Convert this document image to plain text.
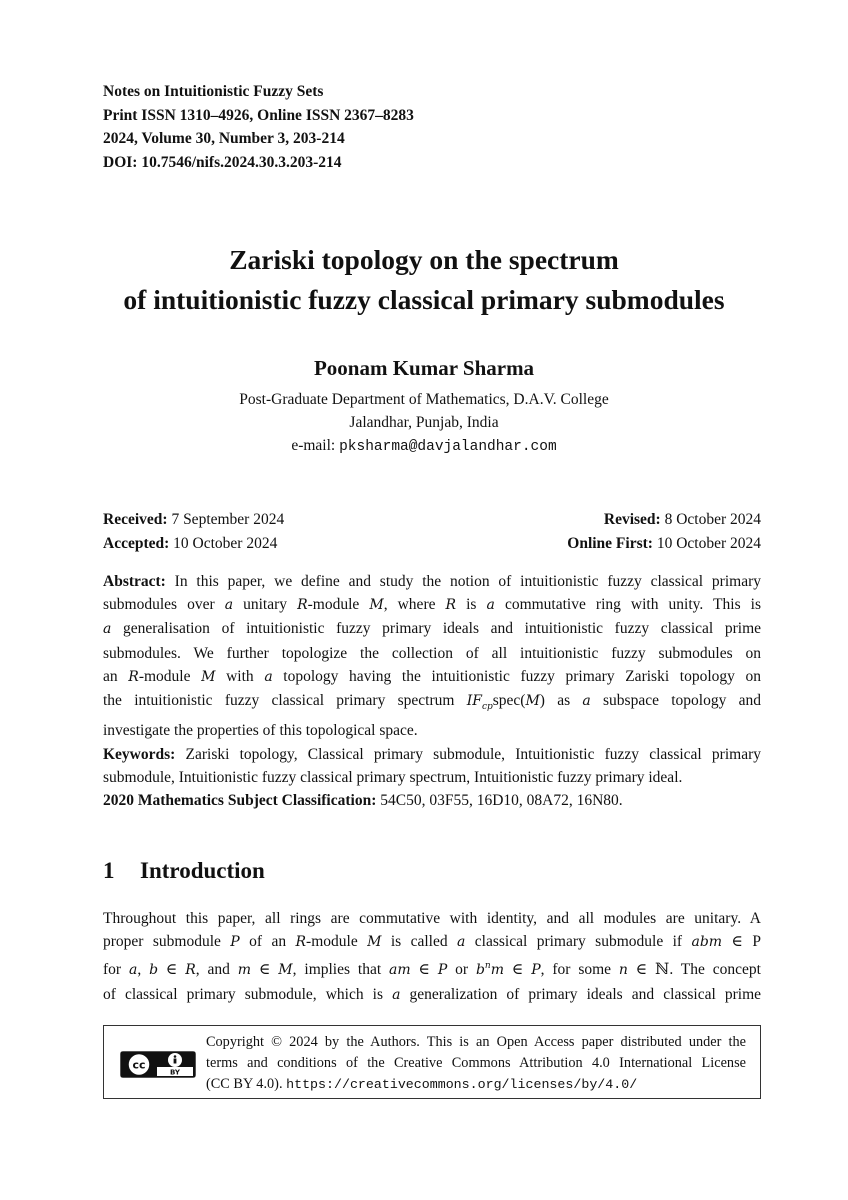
Notes on Intuitionistic Fuzzy Sets
Print ISSN 1310–4926, Online ISSN 2367–8283
2024, Volume 30, Number 3, 203-214
DOI: 10.7546/nifs.2024.30.3.203-214
Zariski topology on the spectrum
of intuitionistic fuzzy classical primary submodules
Poonam Kumar Sharma
Post-Graduate Department of Mathematics, D.A.V. College
Jalandhar, Punjab, India
e-mail: pksharma@davjalandhar.com
Received: 7 September 2024	Revised: 8 October 2024
Accepted: 10 October 2024	Online First: 10 October 2024
Abstract: In this paper, we define and study the notion of intuitionistic fuzzy classical primary
submodules over a unitary R-module M, where R is a commutative ring with unity. This is
a generalisation of intuitionistic fuzzy primary ideals and intuitionistic fuzzy classical prime
submodules. We further topologize the collection of all intuitionistic fuzzy submodules on
an R-module M with a topology having the intuitionistic fuzzy primary Zariski topology on
the intuitionistic fuzzy classical primary spectrum $IF_{cp}spec(M)$ as a subspace topology and
investigate the properties of this topological space.
Keywords: Zariski topology, Classical primary submodule, Intuitionistic fuzzy classical primary
submodule, Intuitionistic fuzzy classical primary spectrum, Intuitionistic fuzzy primary ideal.
2020 Mathematics Subject Classification: 54C50, 03F55, 16D10, 08A72, 16N80.
1 Introduction
Throughout this paper, all rings are commutative with identity, and all modules are unitary. A
proper submodule P of an R-module M is called a classical primary submodule if abm ∈ P
for a, b ∈ R, and m ∈ M, implies that am ∈ P or $b^nm$ ∈ P, for some n ∈ ℕ. The concept
of classical primary submodule, which is a generalization of primary ideals and classical prime
cc
BY
Copyright © 2024 by the Authors. This is an Open Access paper distributed under the
terms and conditions of the Creative Commons Attribution 4.0 International License
(CC BY 4.0). https://creativecommons.org/licenses/by/4.0/
